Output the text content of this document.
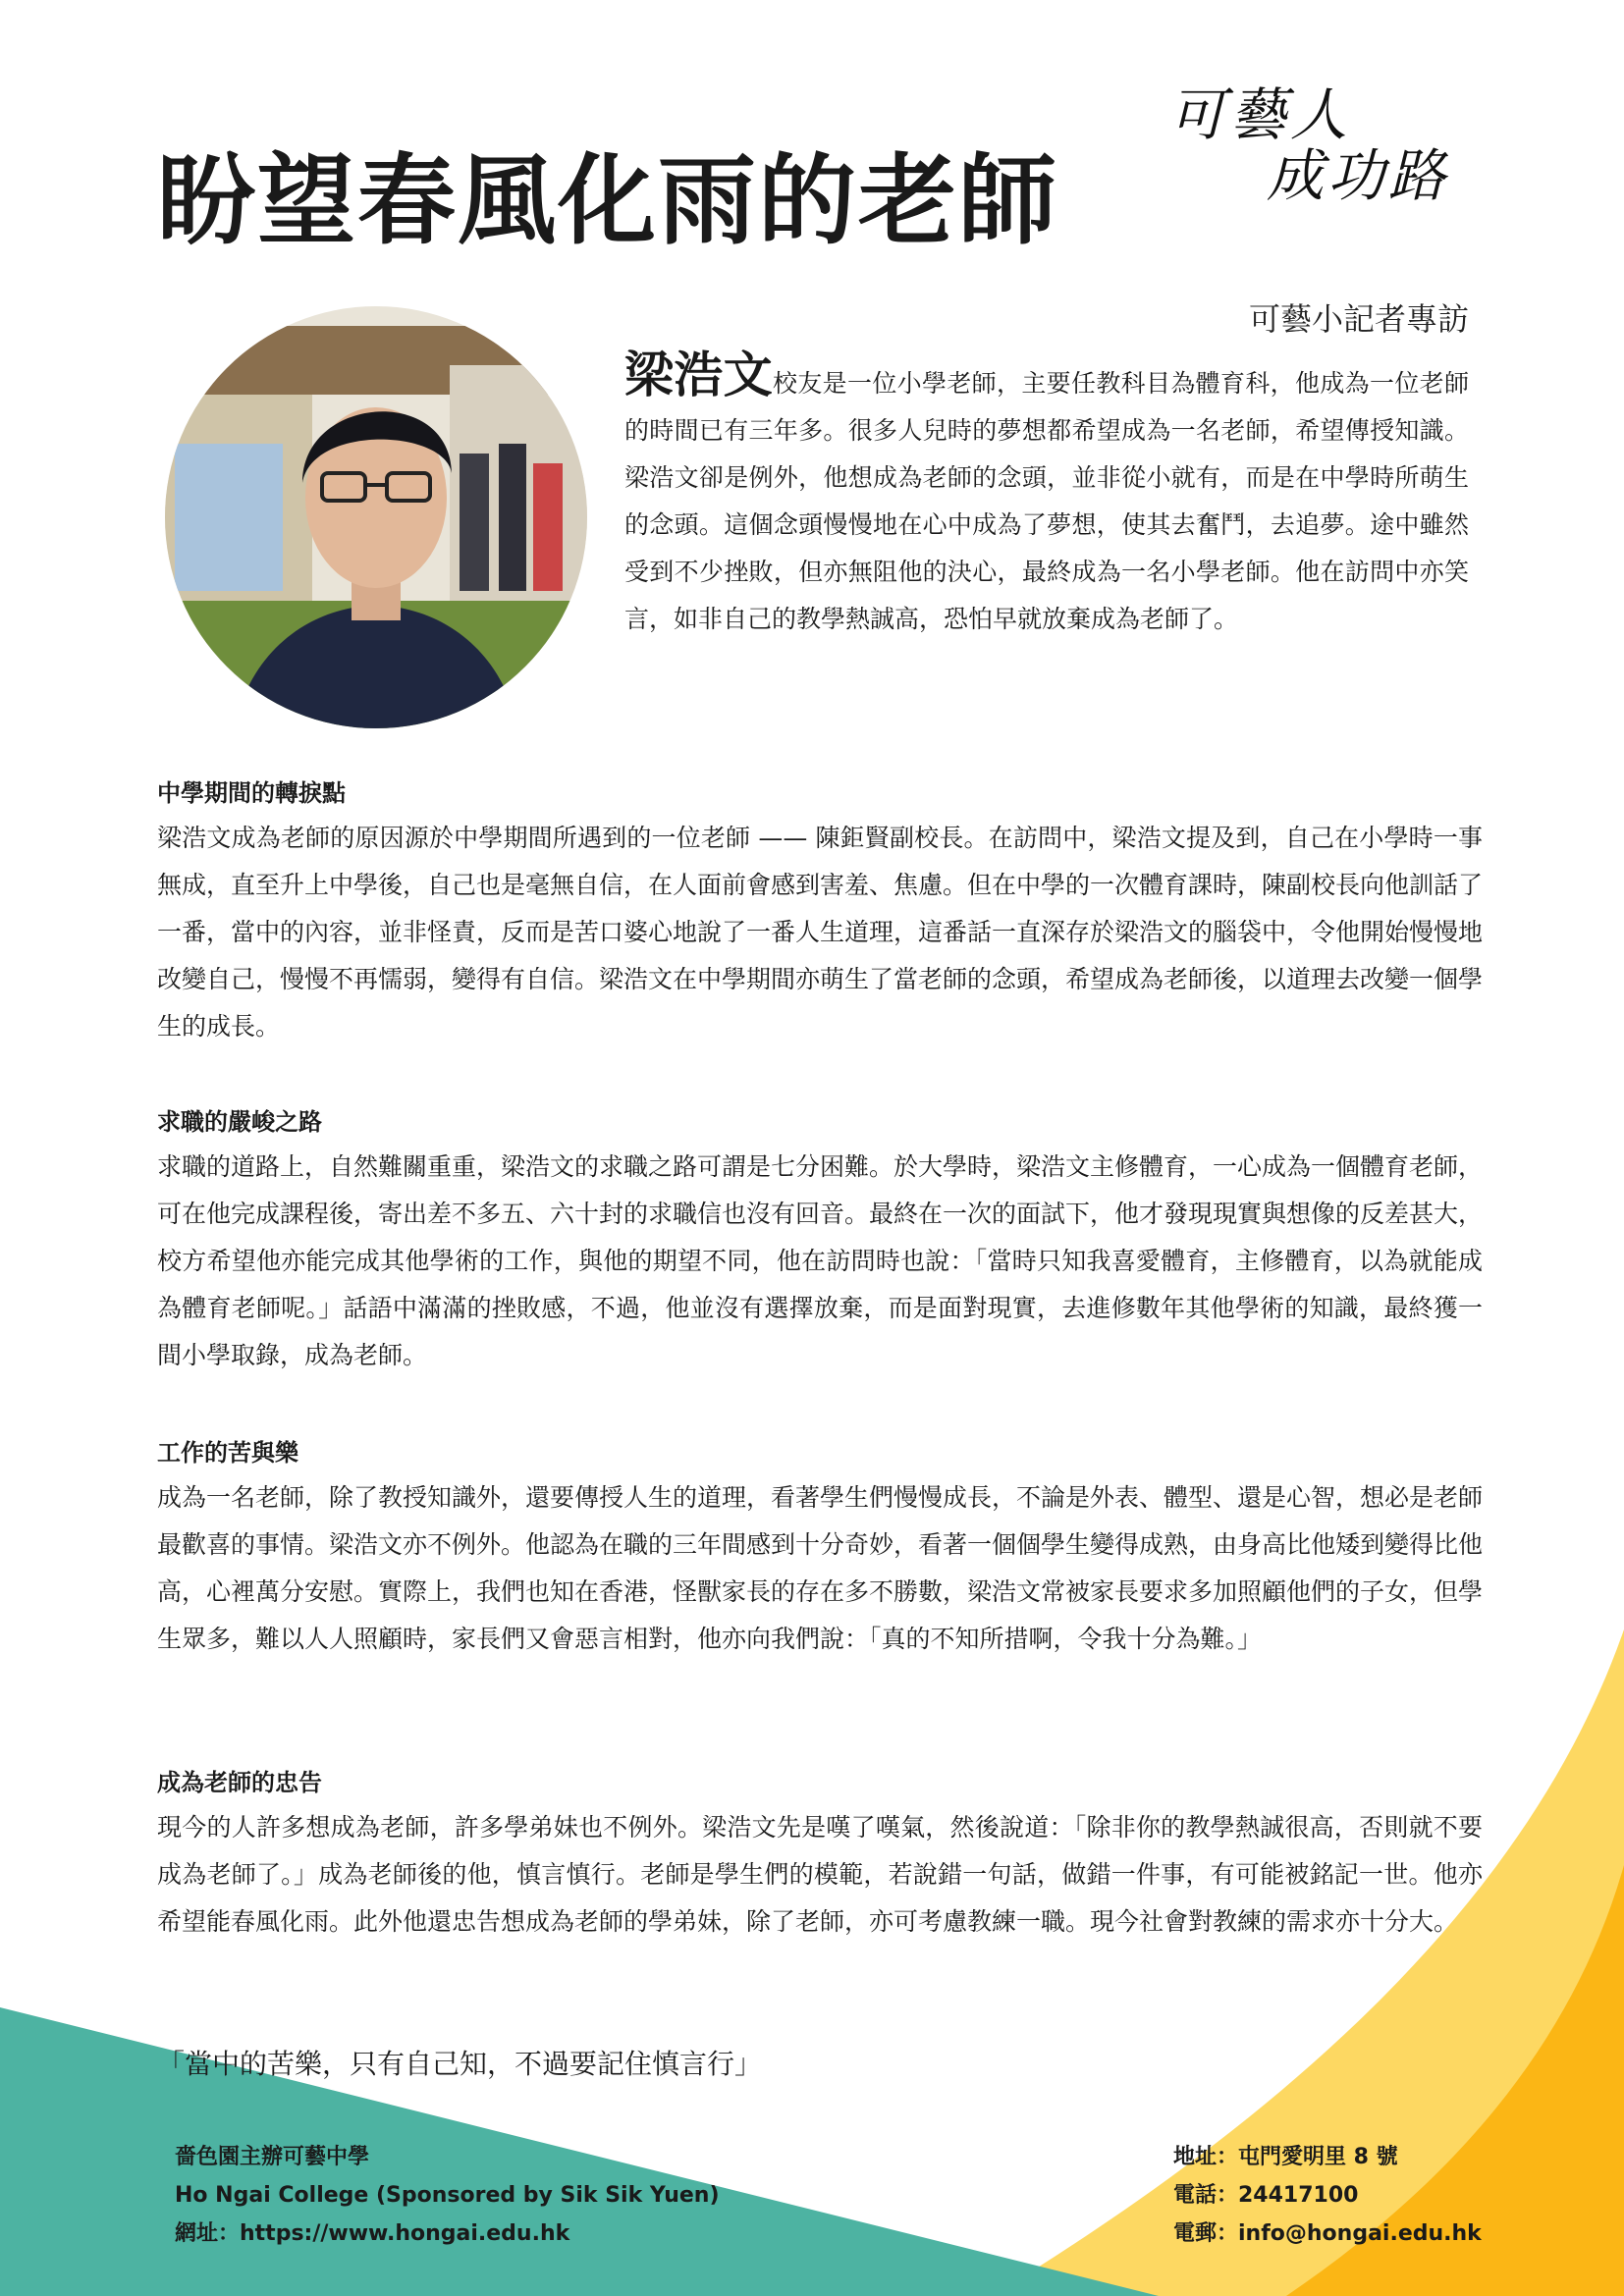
可藝人
成功路
盼望春風化雨的老師
可藝小記者專訪

梁浩文校友是一位小學老師，主要任教科目為體育科，他成為一位老師的時間已有三年多。很多人兒時的夢想都希望成為一名老師，希望傳授知識。梁浩文卻是例外，他想成為老師的念頭，並非從小就有，而是在中學時所萌生的念頭。這個念頭慢慢地在心中成為了夢想，使其去奮鬥，去追夢。途中雖然受到不少挫敗，但亦無阻他的決心，最終成為一名小學老師。他在訪問中亦笑言，如非自己的教學熱誠高，恐怕早就放棄成為老師了。

中學期間的轉捩點

梁浩文成為老師的原因源於中學期間所遇到的一位老師 —— 陳鉅賢副校長。在訪問中，梁浩文提及到，自己在小學時一事無成，直至升上中學後，自己也是毫無自信，在人面前會感到害羞、焦慮。但在中學的一次體育課時，陳副校長向他訓話了一番，當中的內容，並非怪責，反而是苦口婆心地說了一番人生道理，這番話一直深存於梁浩文的腦袋中，令他開始慢慢地改變自己，慢慢不再懦弱，變得有自信。梁浩文在中學期間亦萌生了當老師的念頭，希望成為老師後，以道理去改變一個學生的成長。

求職的嚴峻之路

求職的道路上，自然難關重重，梁浩文的求職之路可謂是七分困難。於大學時，梁浩文主修體育，一心成為一個體育老師，可在他完成課程後，寄出差不多五、六十封的求職信也沒有回音。最終在一次的面試下，他才發現現實與想像的反差甚大，校方希望他亦能完成其他學術的工作，與他的期望不同，他在訪問時也說：「當時只知我喜愛體育，主修體育，以為就能成為體育老師呢。」話語中滿滿的挫敗感，不過，他並沒有選擇放棄，而是面對現實，去進修數年其他學術的知識，最終獲一間小學取錄，成為老師。

工作的苦與樂

成為一名老師，除了教授知識外，還要傳授人生的道理，看著學生們慢慢成長，不論是外表、體型、還是心智，想必是老師最歡喜的事情。梁浩文亦不例外。他認為在職的三年間感到十分奇妙，看著一個個學生變得成熟，由身高比他矮到變得比他高，心裡萬分安慰。實際上，我們也知在香港，怪獸家長的存在多不勝數，梁浩文常被家長要求多加照顧他們的子女，但學生眾多，難以人人照顧時，家長們又會惡言相對，他亦向我們說：「真的不知所措啊，令我十分為難。」

成為老師的忠告

現今的人許多想成為老師，許多學弟妹也不例外。梁浩文先是嘆了嘆氣，然後說道：「除非你的教學熱誠很高，否則就不要成為老師了。」成為老師後的他，慎言慎行。老師是學生們的模範，若說錯一句話，做錯一件事，有可能被銘記一世。他亦希望能春風化雨。此外他還忠告想成為老師的學弟妹，除了老師，亦可考慮教練一職。現今社會對教練的需求亦十分大。

「當中的苦樂，只有自己知，不過要記住慎言行」
嗇色園主辦可藝中學
Ho Ngai College (Sponsored by Sik Sik Yuen)
網址：https://www.hongai.edu.hk
地址：屯門愛明里 8 號
電話：24417100
電郵：info@hongai.edu.hk
